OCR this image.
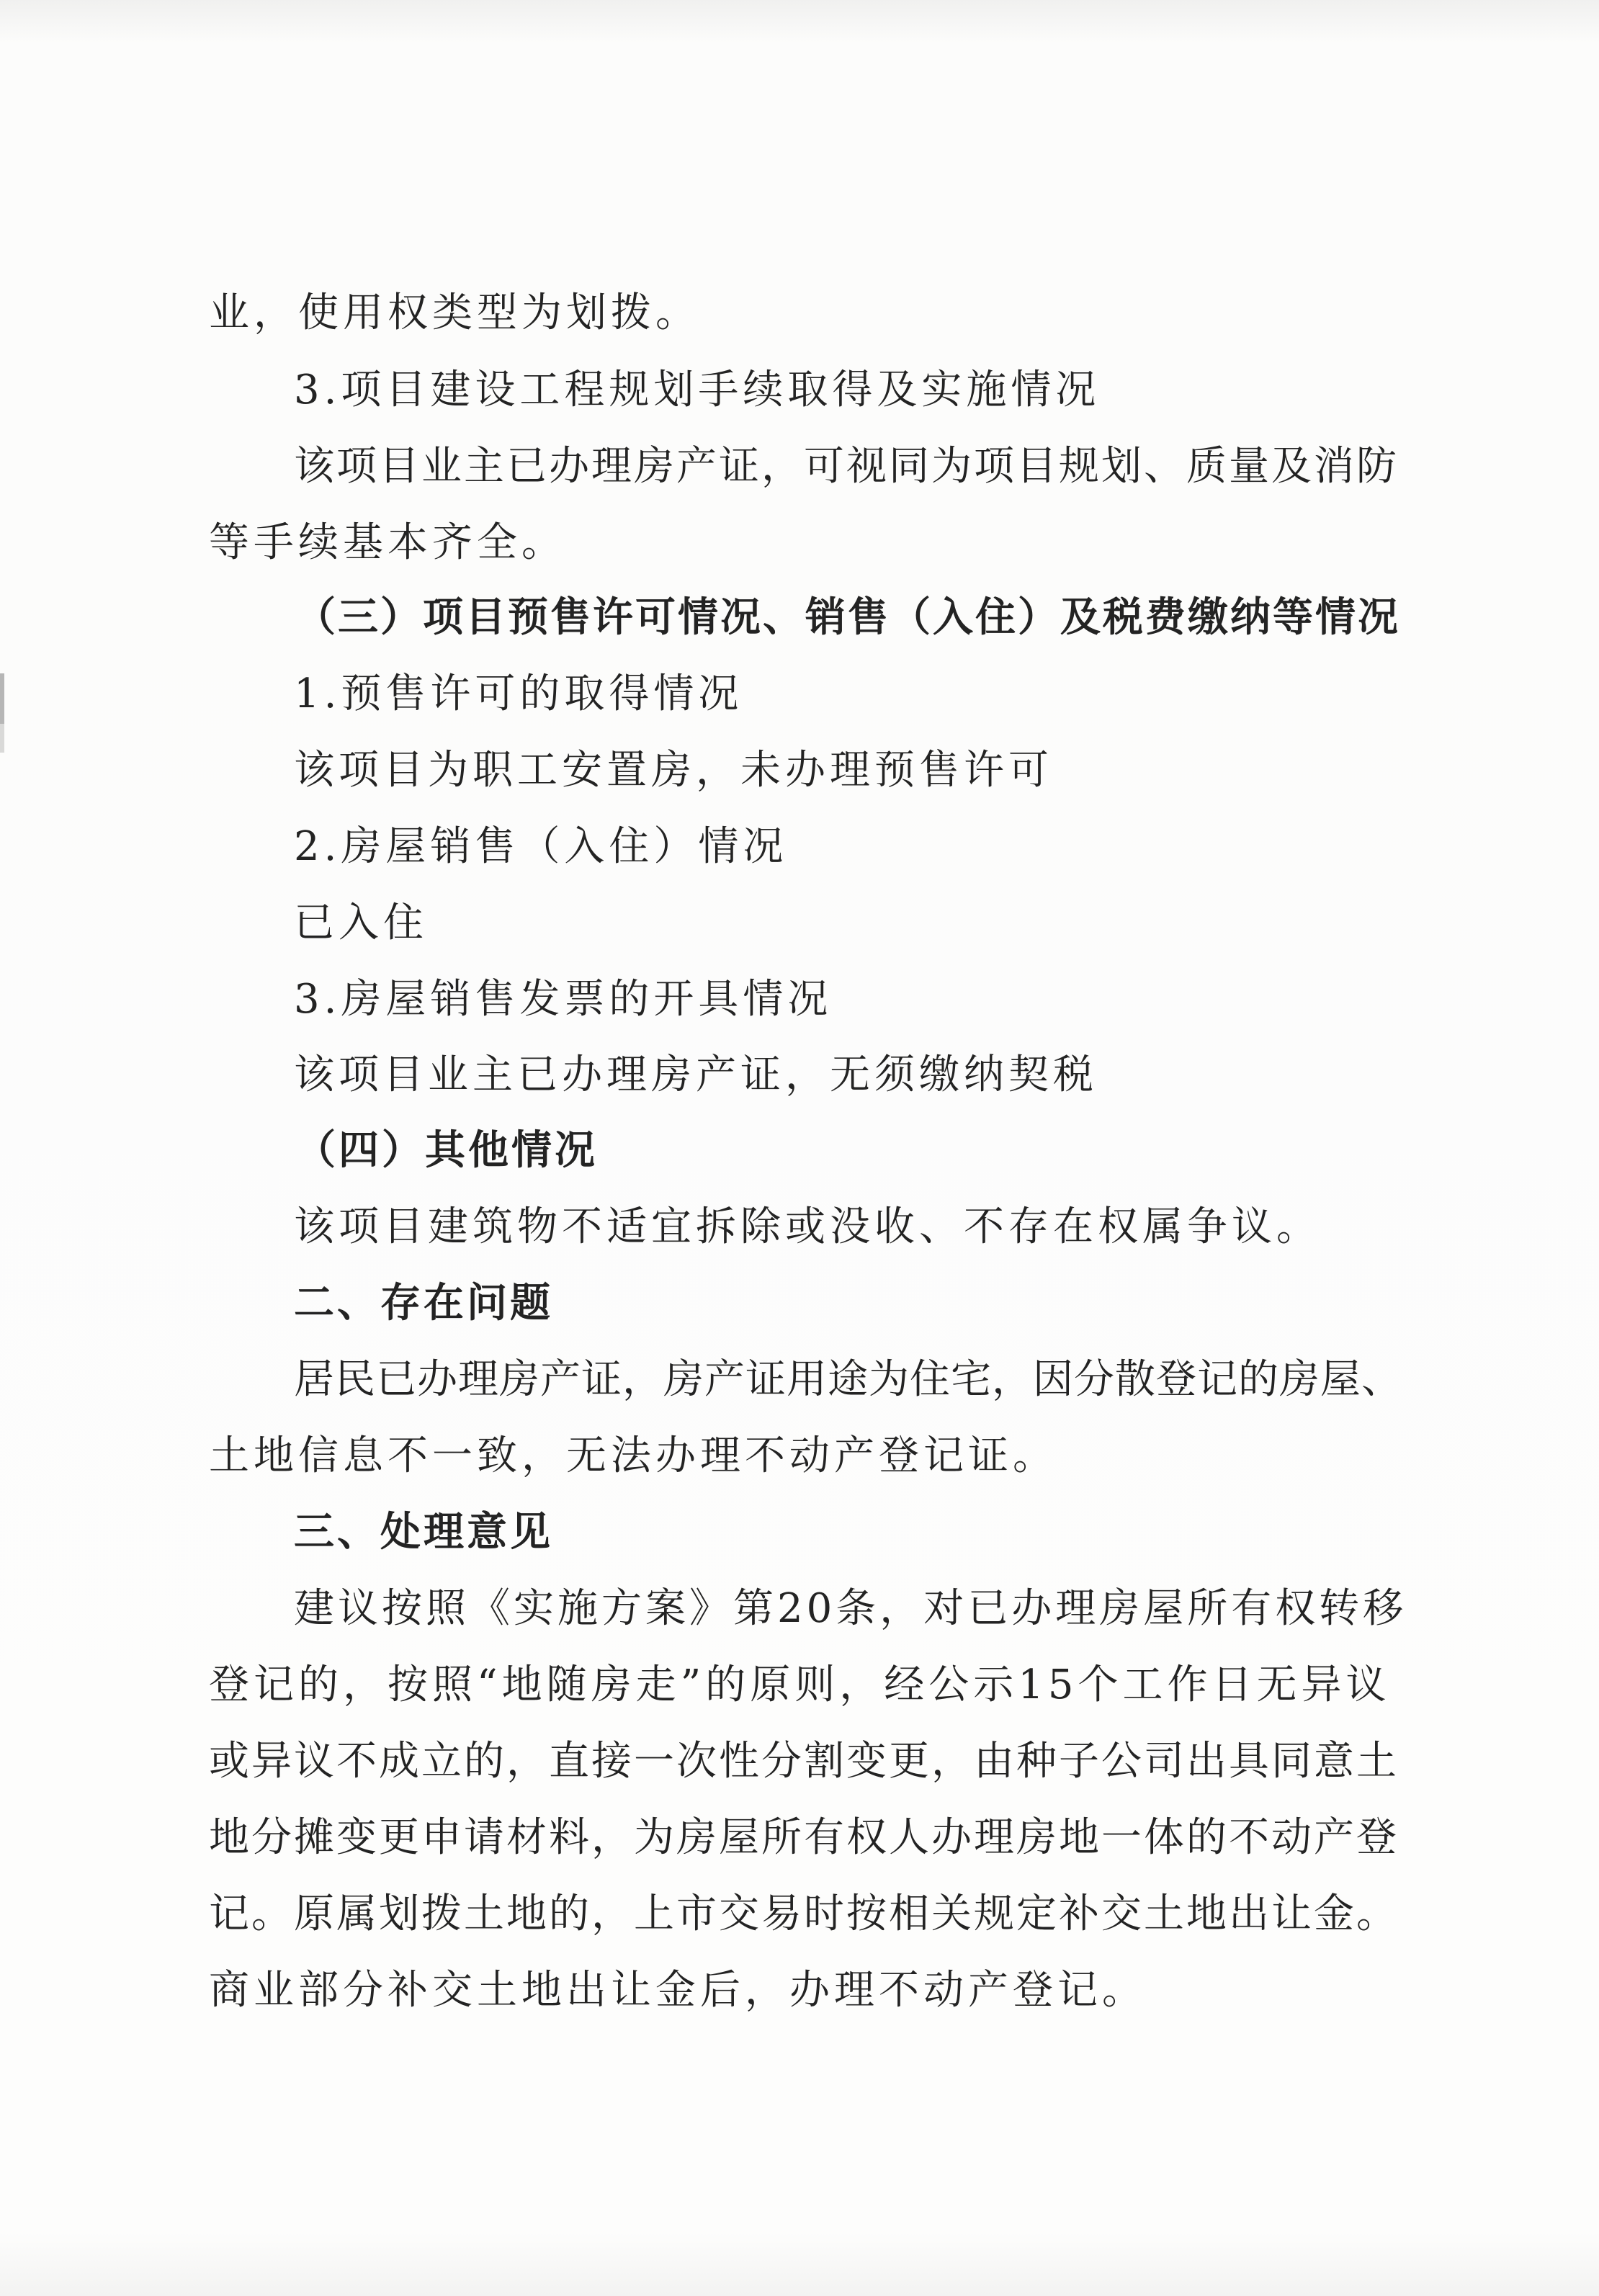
业，使用权类型为划拨。
3.项目建设工程规划手续取得及实施情况
该项目业主已办理房产证，可视同为项目规划、质量及消防
等手续基本齐全。
（三）项目预售许可情况、销售（入住）及税费缴纳等情况
1.预售许可的取得情况
该项目为职工安置房，未办理预售许可
2.房屋销售（入住）情况
已入住
3.房屋销售发票的开具情况
该项目业主已办理房产证，无须缴纳契税
（四）其他情况
该项目建筑物不适宜拆除或没收、不存在权属争议。
二、存在问题
居民已办理房产证，房产证用途为住宅，因分散登记的房屋、
土地信息不一致，无法办理不动产登记证。
三、处理意见
建议按照《实施方案》第20条，对已办理房屋所有权转移
登记的，按照“地随房走”的原则，经公示15个工作日无异议
或异议不成立的，直接一次性分割变更，由种子公司出具同意土
地分摊变更申请材料，为房屋所有权人办理房地一体的不动产登
记。原属划拨土地的，上市交易时按相关规定补交土地出让金。
商业部分补交土地出让金后，办理不动产登记。
